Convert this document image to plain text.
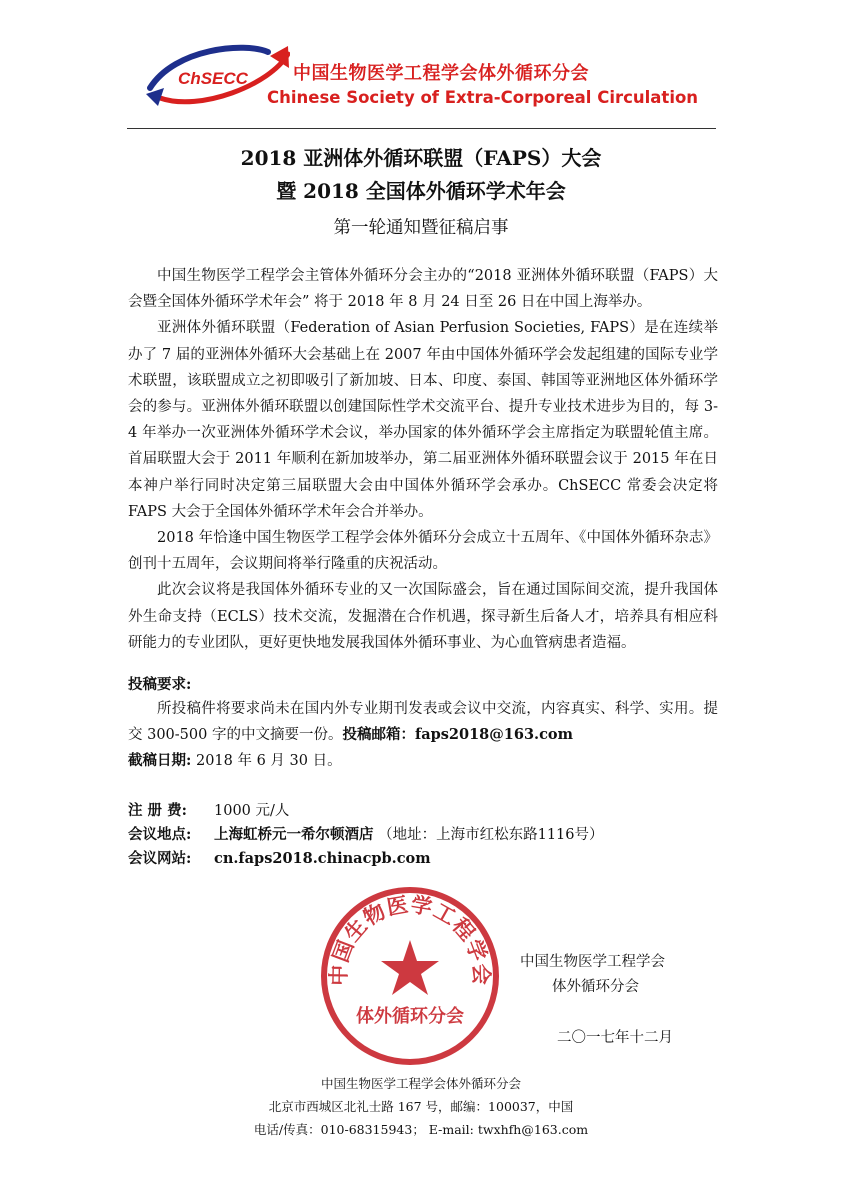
ChSECC	中国生物医学工程学会体外循环分会
Chinese Society of Extra-Corporeal Circulation
2018 亚洲体外循环联盟（FAPS）大会
暨 2018 全国体外循环学术年会
第一轮通知暨征稿启事

中国生物医学工程学会主管体外循环分会主办的“2018 亚洲体外循环联盟（FAPS）大会暨全国体外循环学术年会” 将于 2018 年 8 月 24 日至 26 日在中国上海举办。

亚洲体外循环联盟（Federation of Asian Perfusion Societies, FAPS）是在连续举办了 7 届的亚洲体外循环大会基础上在 2007 年由中国体外循环学会发起组建的国际专业学术联盟，该联盟成立之初即吸引了新加坡、日本、印度、泰国、韩国等亚洲地区体外循环学会的参与。亚洲体外循环联盟以创建国际性学术交流平台、提升专业技术进步为目的，每 3-4 年举办一次亚洲体外循环学术会议，举办国家的体外循环学会主席指定为联盟轮值主席。首届联盟大会于 2011 年顺利在新加坡举办，第二届亚洲体外循环联盟会议于 2015 年在日本神户举行同时决定第三届联盟大会由中国体外循环学会承办。ChSECC 常委会决定将 FAPS 大会于全国体外循环学术年会合并举办。

2018 年恰逢中国生物医学工程学会体外循环分会成立十五周年、《中国体外循环杂志》创刊十五周年，会议期间将举行隆重的庆祝活动。

此次会议将是我国体外循环专业的又一次国际盛会，旨在通过国际间交流，提升我国体外生命支持（ECLS）技术交流，发掘潜在合作机遇，探寻新生后备人才，培养具有相应科研能力的专业团队，更好更快地发展我国体外循环事业、为心血管病患者造福。

投稿要求:

所投稿件将要求尚未在国内外专业期刊发表或会议中交流，内容真实、科学、实用。提交 300-500 字的中文摘要一份。投稿邮箱：faps2018@163.com

截稿日期: 2018 年 6 月 30 日。
注 册 费: 1000 元/人
会议地点: 上海虹桥元一希尔顿酒店 （地址：上海市红松东路1116号）
会议网站: cn.faps2018.chinacpb.com
中国生物医学工程学会
体外循环分会
中国生物医学工程学会
体外循环分会
二〇一七年十二月
中国生物医学工程学会体外循环分会
北京市西城区北礼士路 167 号，邮编：100037，中国
电话/传真：010-68315943； E-mail: twxhfh@163.com
